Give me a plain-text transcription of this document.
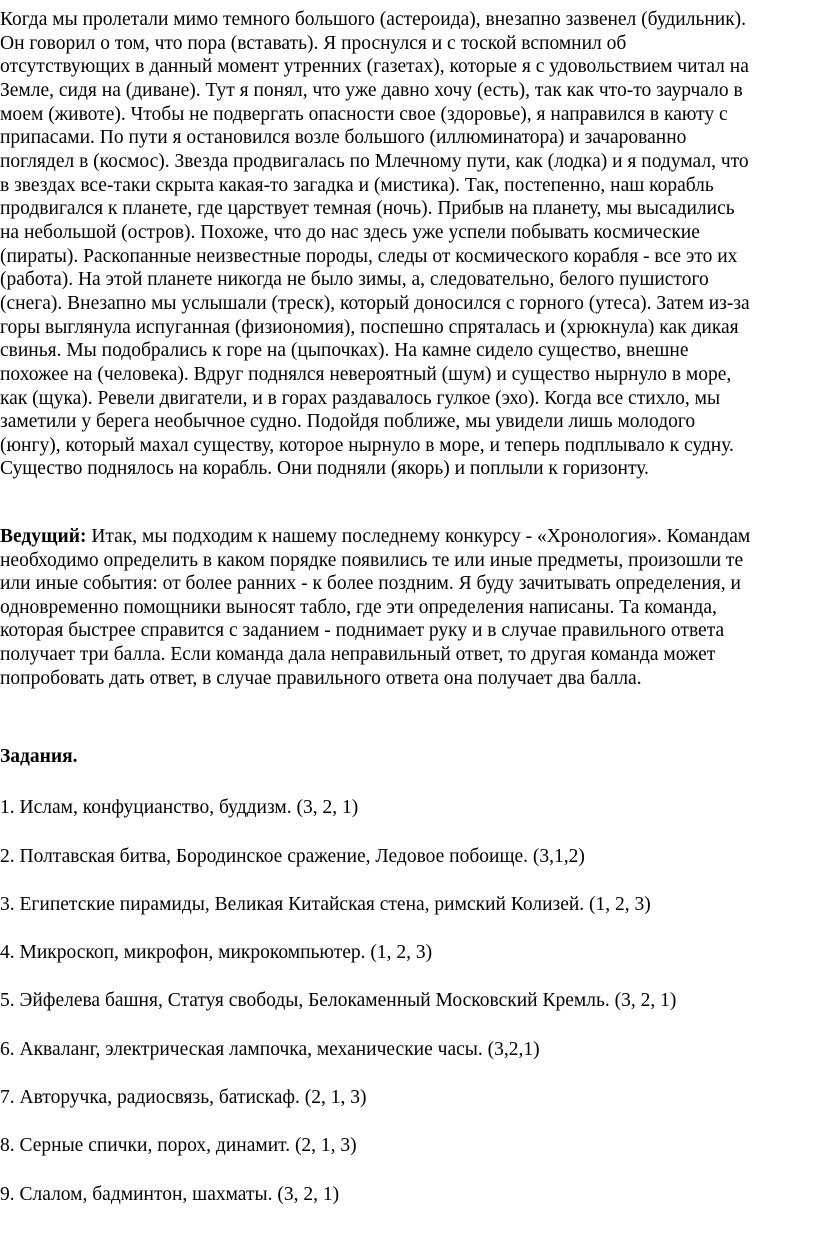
Когда мы пролетали мимо темного большого (астероида), внезапно зазвенел (будильник).
Он говорил о том, что пора (вставать). Я проснулся и с тоской вспомнил об
отсутствующих в данный момент утренних (газетах), которые я с удовольствием читал на
Земле, сидя на (диване). Тут я понял, что уже давно хочу (есть), так как что-то заурчало в
моем (животе). Чтобы не подвергать опасности свое (здоровье), я направился в каюту с
припасами. По пути я остановился возле большого (иллюминатора) и зачарованно
поглядел в (космос). Звезда продвигалась по Млечному пути, как (лодка) и я подумал, что
в звездах все-таки скрыта какая-то загадка и (мистика). Так, постепенно, наш корабль
продвигался к планете, где царствует темная (ночь). Прибыв на планету, мы высадились
на небольшой (остров). Похоже, что до нас здесь уже успели побывать космические
(пираты). Раскопанные неизвестные породы, следы от космического корабля - все это их
(работа). На этой планете никогда не было зимы, а, следовательно, белого пушистого
(снега). Внезапно мы услышали (треск), который доносился с горного (утеса). Затем из-за
горы выглянула испуганная (физиономия), поспешно спряталась и (хрюкнула) как дикая
свинья. Мы подобрались к горе на (цыпочках). На камне сидело существо, внешне
похожее на (человека). Вдруг поднялся невероятный (шум) и существо нырнуло в море,
как (щука). Ревели двигатели, и в горах раздавалось гулкое (эхо). Когда все стихло, мы
заметили у берега необычное судно. Подойдя поближе, мы увидели лишь молодого
(юнгу), который махал существу, которое нырнуло в море, и теперь подплывало к судну.
Существо поднялось на корабль. Они подняли (якорь) и поплыли к горизонту.
Ведущий: Итак, мы подходим к нашему последнему конкурсу - «Хронология». Командам
необходимо определить в каком порядке появились те или иные предметы, произошли те
или иные события: от более ранних - к более поздним. Я буду зачитывать определения, и
одновременно помощники выносят табло, где эти определения написаны. Та команда,
которая быстрее справится с заданием - поднимает руку и в случае правильного ответа
получает три балла. Если команда дала неправильный ответ, то другая команда может
попробовать дать ответ, в случае правильного ответа она получает два балла.

Задания.

1. Ислам, конфуцианство, буддизм. (3, 2, 1)

2. Полтавская битва, Бородинское сражение, Ледовое побоище. (3,1,2)

3. Египетские пирамиды, Великая Китайская стена, римский Колизей. (1, 2, 3)

4. Микроскоп, микрофон, микрокомпьютер. (1, 2, 3)

5. Эйфелева башня, Статуя свободы, Белокаменный Московский Кремль. (3, 2, 1)

6. Акваланг, электрическая лампочка, механические часы. (3,2,1)

7. Авторучка, радиосвязь, батискаф. (2, 1, 3)

8. Серные спички, порох, динамит. (2, 1, 3)

9. Слалом, бадминтон, шахматы. (3, 2, 1)
